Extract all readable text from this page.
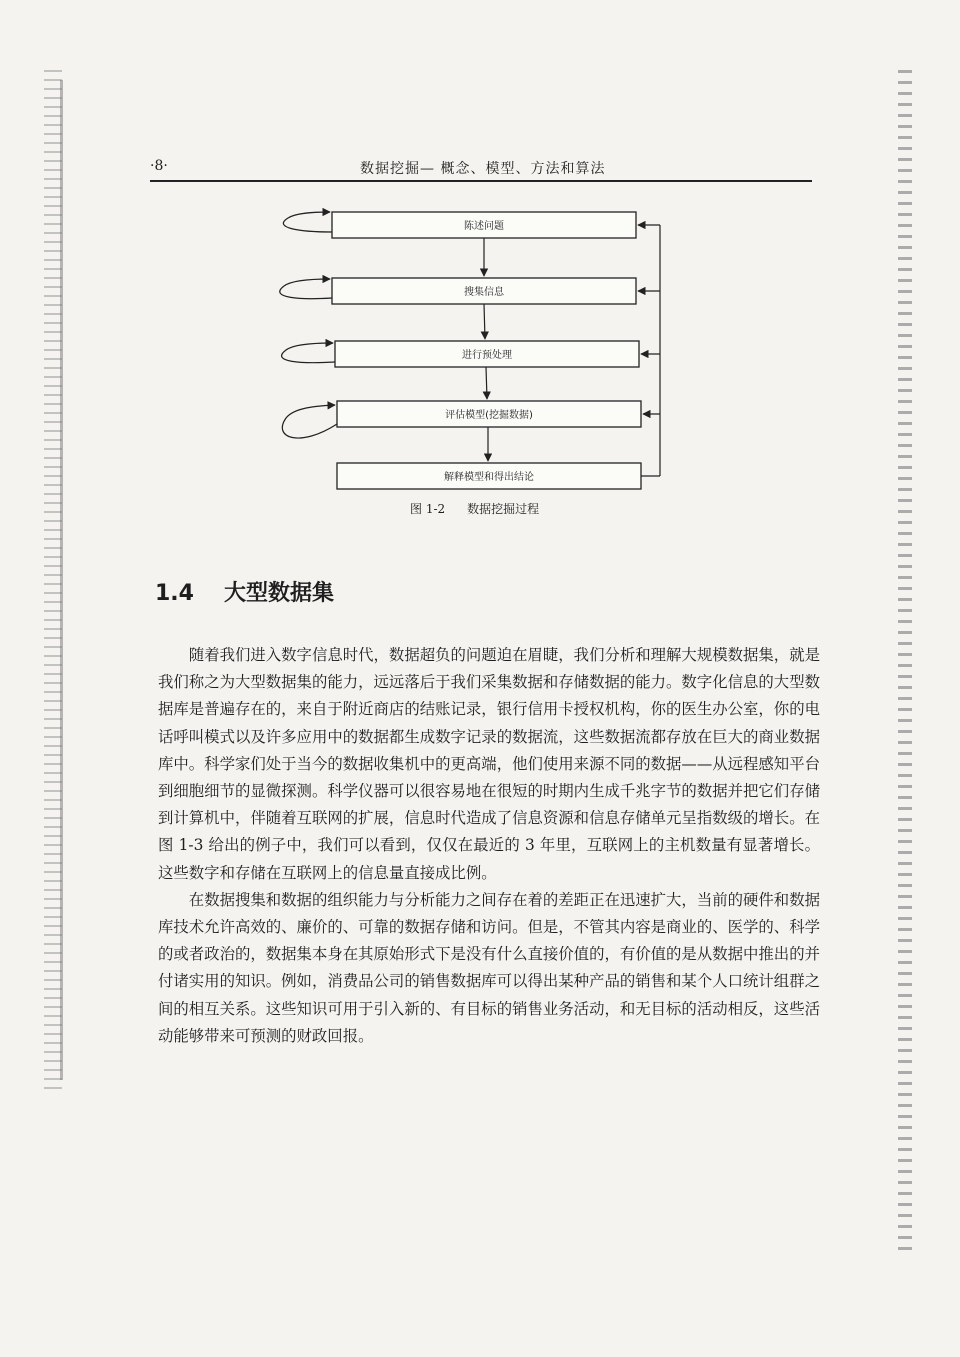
·8·	数据挖掘— 概念、模型、方法和算法
陈述问题
搜集信息
进行预处理
评估模型(挖掘数据)
解释模型和得出结论
图 1-2 数据挖掘过程
1.4 大型数据集

随着我们进入数字信息时代，数据超负的问题迫在眉睫，我们分析和理解大规模数据集，就是我们称之为大型数据集的能力，远远落后于我们采集数据和存储数据的能力。数字化信息的大型数据库是普遍存在的，来自于附近商店的结账记录，银行信用卡授权机构，你的医生办公室，你的电话呼叫模式以及许多应用中的数据都生成数字记录的数据流，这些数据流都存放在巨大的商业数据库中。科学家们处于当今的数据收集机中的更高端，他们使用来源不同的数据——从远程感知平台到细胞细节的显微探测。科学仪器可以很容易地在很短的时期内生成千兆字节的数据并把它们存储到计算机中，伴随着互联网的扩展，信息时代造成了信息资源和信息存储单元呈指数级的增长。在图 1-3 给出的例子中，我们可以看到，仅仅在最近的 3 年里，互联网上的主机数量有显著增长。这些数字和存储在互联网上的信息量直接成比例。

在数据搜集和数据的组织能力与分析能力之间存在着的差距正在迅速扩大，当前的硬件和数据库技术允许高效的、廉价的、可靠的数据存储和访问。但是，不管其内容是商业的、医学的、科学的或者政治的，数据集本身在其原始形式下是没有什么直接价值的，有价值的是从数据中推出的并付诸实用的知识。例如，消费品公司的销售数据库可以得出某种产品的销售和某个人口统计组群之间的相互关系。这些知识可用于引入新的、有目标的销售业务活动，和无目标的活动相反，这些活动能够带来可预测的财政回报。
